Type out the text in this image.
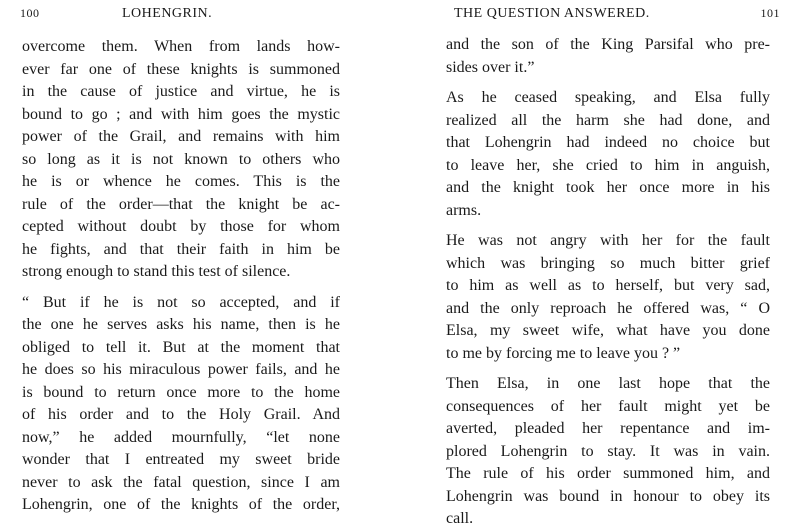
100	LOHENGRIN.
overcome them. When from lands how-
ever far one of these knights is summoned
in the cause of justice and virtue, he is
bound to go ; and with him goes the mystic
power of the Grail, and remains with him
so long as it is not known to others who
he is or whence he comes. This is the
rule of the order—that the knight be ac-
cepted without doubt by those for whom
he fights, and that their faith in him be
strong enough to stand this test of silence.
“ But if he is not so accepted, and if
the one he serves asks his name, then is he
obliged to tell it. But at the moment that
he does so his miraculous power fails, and he
is bound to return once more to the home
of his order and to the Holy Grail. And
now,” he added mournfully, “let none
wonder that I entreated my sweet bride
never to ask the fatal question, since I am
Lohengrin, one of the knights of the order,
THE QUESTION ANSWERED.	101
and the son of the King Parsifal who pre-
sides over it.”
As he ceased speaking, and Elsa fully
realized all the harm she had done, and
that Lohengrin had indeed no choice but
to leave her, she cried to him in anguish,
and the knight took her once more in his
arms.
He was not angry with her for the fault
which was bringing so much bitter grief
to him as well as to herself, but very sad,
and the only reproach he offered was, “ O
Elsa, my sweet wife, what have you done
to me by forcing me to leave you ? ”
Then Elsa, in one last hope that the
consequences of her fault might yet be
averted, pleaded her repentance and im-
plored Lohengrin to stay. It was in vain.
The rule of his order summoned him, and
Lohengrin was bound in honour to obey its
call.
